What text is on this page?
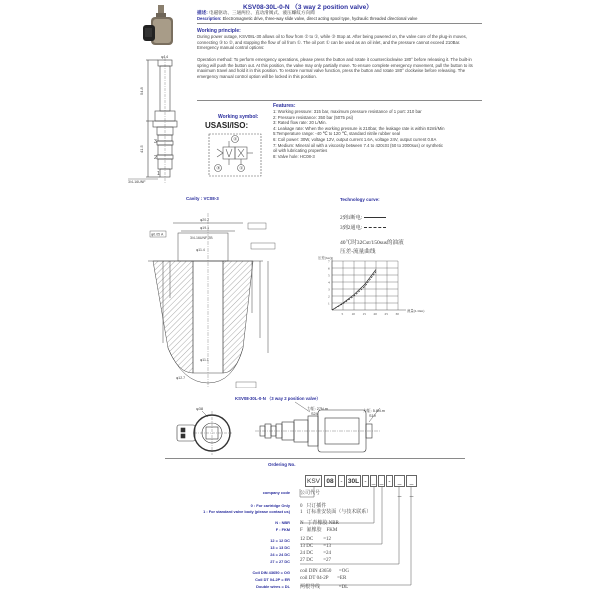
KSV08-30L-0-N （3 way 2 position valve）
描述: 电磁驱动、三通两位、直动滑阀式、液压螺纹方向阀
Description: Electromagnetic drive, three-way slide valve, direct acting spool type, hydraulic threaded directional valve
φ14
54.8
41.5
3
2
1
3/4-16UNF
Working principle:
During power outage, KSV08L-30 allows oil to flow from ② to ①, while ③ Stop at. After being powered on, the valve core of the plug-in moves, connecting ③ to ②, and stopping the flow of oil from ①. The oil port ① can be used as an oil inlet, and the pressure cannot exceed 210Bar. Emergency manual control options:
Operation method: To perform emergency operations, please press the button and rotate it counterclockwise 180° before releasing it. The built-in spring will push the button out. At this position, the valve may only partially move. To ensure complete emergency movement, pull the button to its maximum travel and hold it in this position. To restore normal valve function, press the button and rotate 180° clockwise before releasing. The emergency manual control option will be locked in this position.
Working symbol:
USASI/ISO:
②
③	①
Features:
1: Working pressure: 315 bar, maximum pressure resistance of 1 port: 210 bar
2: Pressure resistance: 350 bar (5075 psi)
3: Rated flow rate: 20 L/Min.
4: Leakage rate: When the working pressure is 210bar, the leakage rate is within 82ml/Min
5:Temperature range: -40 ℃ to 120 ℃, standard nitrile rubber seal
6: Coil power: 30W, voltage 12V, output current 1.6A, voltage 24V, output current 0.8A
7: Medium: Mineral oil with a viscosity between 7.4 to 420cSt (50 to 2000sus) or synthetic oil with lubricating properties
8: Valve hole: HC08-3
Cavity : VC08-3
φ0.05 A
φ20.2
φ19.1
3/4-16UNF-2B
φ11.4
φ11.1
φ12.7
Technology curve:
2到1断电:
3到2通电:
40℃时32Cst/150sus的油液
压差-流量曲线
压差(bar)
7
6
5
4
3
2
1
5 10 15 20 25 30
流量(L/min)
KSV08-30L-0-N （3 way 2 position valve）
φ38	力矩: 27N.m
S24
力矩: 5.8N.m
S19
Ordering No.
KSV 08	- 30L - _ _ -	_ _
_ _
company code 公司代号
0 : For cartridge Only 0   只订插件
1 : For standard valve body (please contact us) 1   订标准安装面（与技术联系）
N : NBR N   丁青橡胶 NBR
F : FKM F   氟橡胶    FKM
12 = 12 DC 12 DC        =12
13 = 13 DC 13 DC        =13
24 = 24 DC 24 DC        =24
27 = 27 DC 27 DC        =27
Coil DIN 43650 = OG coil DIN 43650      =OG
Coil DT 04-2P = ER coil DT 04-2P       =ER
Double wires = DL 两根导线               =DL
